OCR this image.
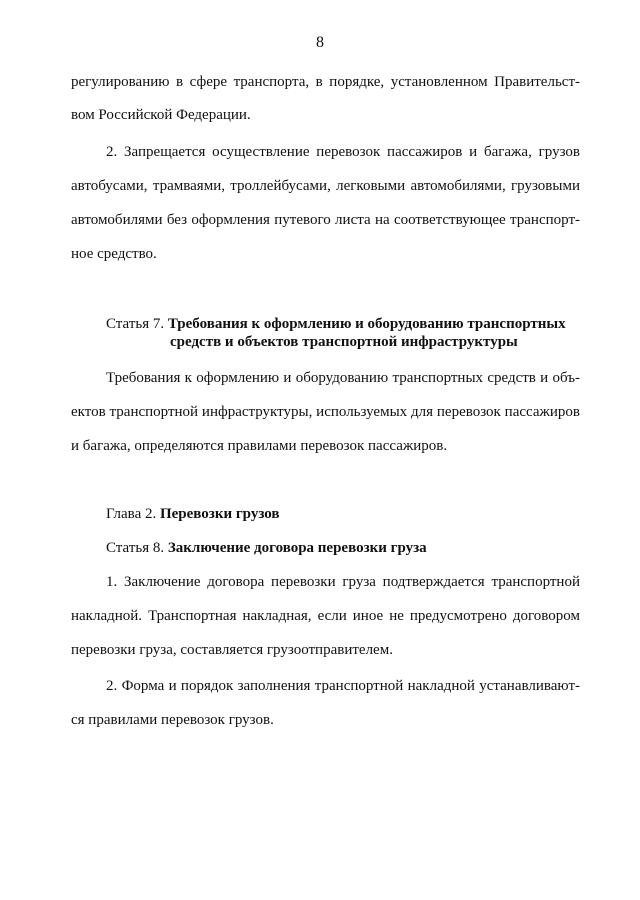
8
регулированию в сфере транспорта, в порядке, установленном Правительст-
вом Российской Федерации.
2. Запрещается осуществление перевозок пассажиров и багажа, грузов
автобусами, трамваями, троллейбусами, легковыми автомобилями, грузовыми
автомобилями без оформления путевого листа на соответствующее транспорт-
ное средство.
Статья 7. Требования к оформлению и оборудованию транспортных
средств и объектов транспортной инфраструктуры
Требования к оформлению и оборудованию транспортных средств и объ-
ектов транспортной инфраструктуры, используемых для перевозок пассажиров
и багажа, определяются правилами перевозок пассажиров.
Глава 2. Перевозки грузов
Статья 8. Заключение договора перевозки груза
1. Заключение договора перевозки груза подтверждается транспортной
накладной. Транспортная накладная, если иное не предусмотрено договором
перевозки груза, составляется грузоотправителем.
2. Форма и порядок заполнения транспортной накладной устанавливают-
ся правилами перевозок грузов.
